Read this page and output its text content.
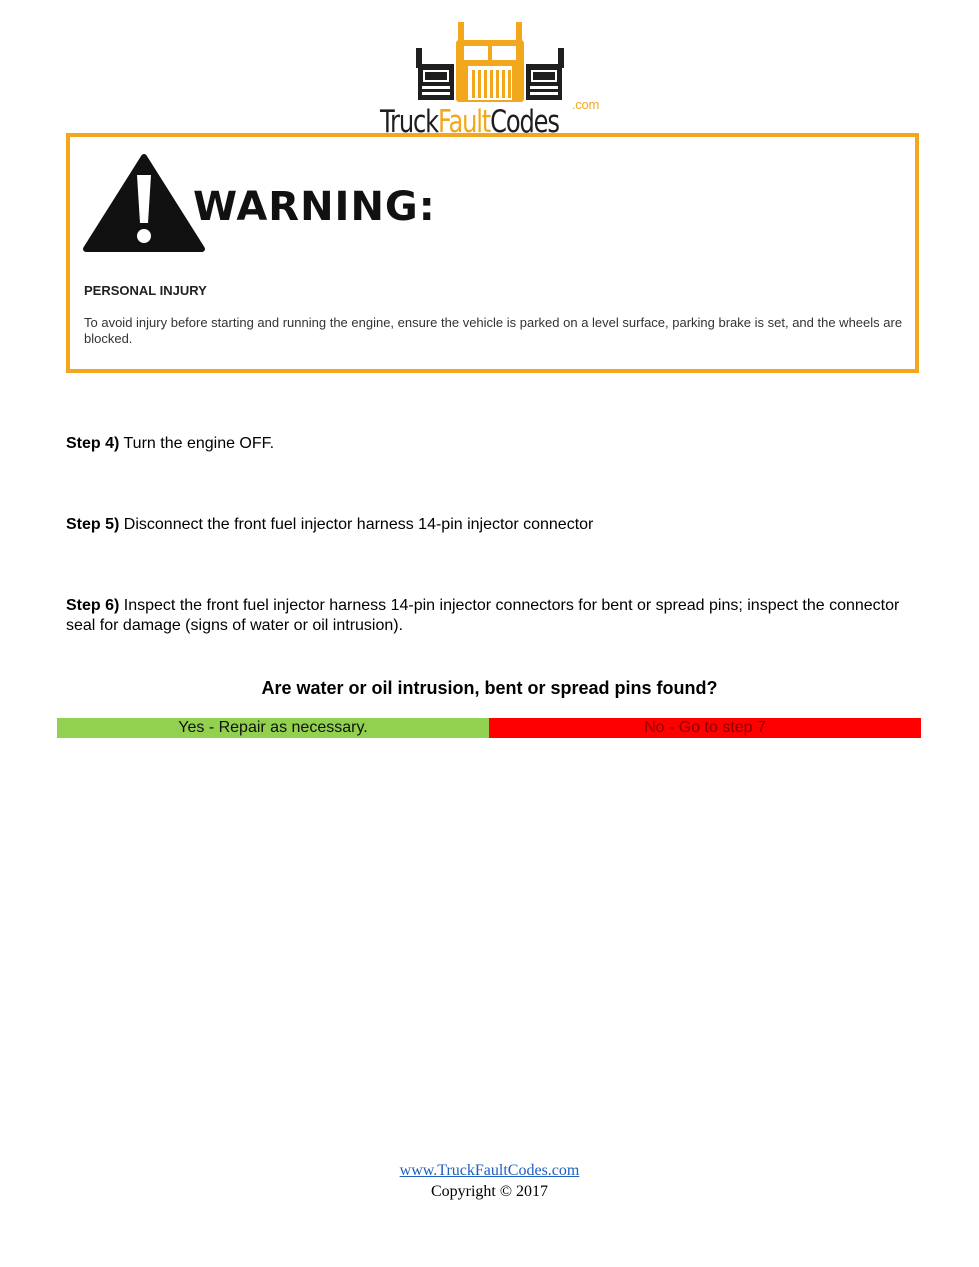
TruckFaultCodes .com
WARNING:
PERSONAL INJURY
To avoid injury before starting and running the engine, ensure the vehicle is parked on a level surface, parking brake is set, and the wheels are blocked.
Step 4) Turn the engine OFF.
Step 5) Disconnect the front fuel injector harness 14-pin injector connector
Step 6) Inspect the front fuel injector harness 14-pin injector connectors for bent or spread pins; inspect the connector seal for damage (signs of water or oil intrusion).
Are water or oil intrusion, bent or spread pins found?
Yes - Repair as necessary.	No - Go to step 7
www.TruckFaultCodes.com
Copyright © 2017
